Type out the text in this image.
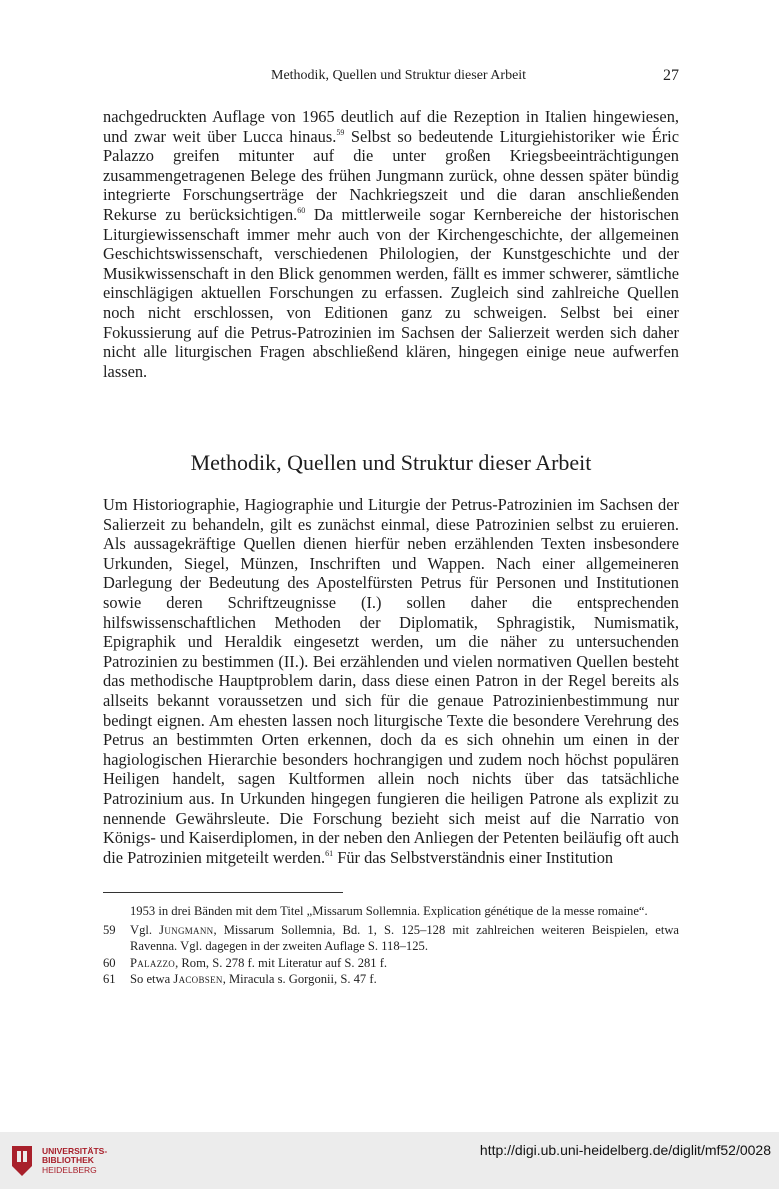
Methodik, Quellen und Struktur dieser Arbeit	27

nachgedruckten Auflage von 1965 deutlich auf die Rezeption in Italien hingewiesen, und zwar weit über Lucca hinaus.$^{59}$ Selbst so bedeutende Liturgiehistoriker wie Éric Palazzo greifen mitunter auf die unter großen Kriegsbeeinträchtigungen zusammengetragenen Belege des frühen Jungmann zurück, ohne dessen später bündig integrierte Forschungserträge der Nachkriegszeit und die daran anschließenden Rekurse zu berücksichtigen.$^{60}$ Da mittlerweile sogar Kernbereiche der historischen Liturgiewissenschaft immer mehr auch von der Kirchengeschichte, der allgemeinen Geschichtswissenschaft, verschiedenen Philologien, der Kunstgeschichte und der Musikwissenschaft in den Blick genommen werden, fällt es immer schwerer, sämtliche einschlägigen aktuellen Forschungen zu erfassen. Zugleich sind zahlreiche Quellen noch nicht erschlossen, von Editionen ganz zu schweigen. Selbst bei einer Fokussierung auf die Petrus-Patrozinien im Sachsen der Salierzeit werden sich daher nicht alle liturgischen Fragen abschließend klären, hingegen einige neue aufwerfen lassen.

Methodik, Quellen und Struktur dieser Arbeit

Um Historiographie, Hagiographie und Liturgie der Petrus-Patrozinien im Sachsen der Salierzeit zu behandeln, gilt es zunächst einmal, diese Patrozinien selbst zu eruieren. Als aussagekräftige Quellen dienen hierfür neben erzählenden Texten insbesondere Urkunden, Siegel, Münzen, Inschriften und Wappen. Nach einer allgemeineren Darlegung der Bedeutung des Apostelfürsten Petrus für Personen und Institutionen sowie deren Schriftzeugnisse (I.) sollen daher die entsprechenden hilfswissenschaftlichen Methoden der Diplomatik, Sphragistik, Numismatik, Epigraphik und Heraldik eingesetzt werden, um die näher zu untersuchenden Patrozinien zu bestimmen (II.). Bei erzählenden und vielen normativen Quellen besteht das methodische Hauptproblem darin, dass diese einen Patron in der Regel bereits als allseits bekannt voraussetzen und sich für die genaue Patrozinienbestimmung nur bedingt eignen. Am ehesten lassen noch liturgische Texte die besondere Verehrung des Petrus an bestimmten Orten erkennen, doch da es sich ohnehin um einen in der hagiologischen Hierarchie besonders hochrangigen und zudem noch höchst populären Heiligen handelt, sagen Kultformen allein noch nichts über das tatsächliche Patrozinium aus. In Urkunden hingegen fungieren die heiligen Patrone als explizit zu nennende Gewährsleute. Die Forschung bezieht sich meist auf die Narratio von Königs- und Kaiserdiplomen, in der neben den Anliegen der Petenten beiläufig oft auch die Patrozinien mitgeteilt werden.$^{61}$ Für das Selbstverständnis einer Institution

1953 in drei Bänden mit dem Titel „Missarum Sollemnia. Explication génétique de la messe romaine“.

59	Vgl. Jungmann, Missarum Sollemnia, Bd. 1, S. 125–128 mit zahlreichen weiteren Beispielen, etwa Ravenna. Vgl. dagegen in der zweiten Auflage S. 118–125.
60	Palazzo, Rom, S. 278 f. mit Literatur auf S. 281 f.
61	So etwa Jacobsen, Miracula s. Gorgonii, S. 47 f.
UNIVERSITÄTS-
BIBLIOTHEK
HEIDELBERG
http://digi.ub.uni-heidelberg.de/diglit/mf52/0028
